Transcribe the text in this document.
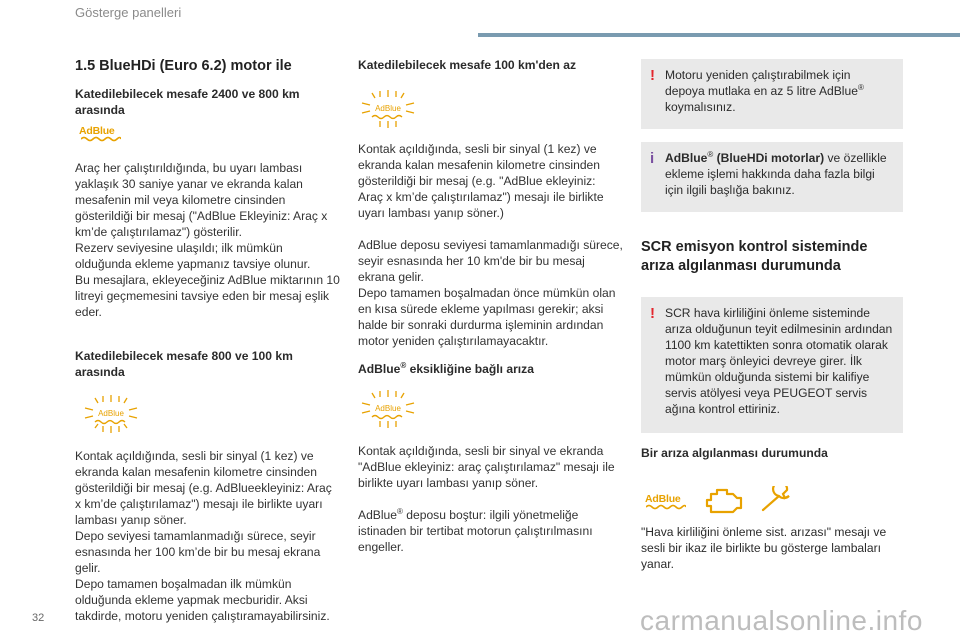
Gösterge panelleri
1.5 BlueHDi (Euro 6.2) motor ile
Katedilebilecek mesafe 2400 ve 800 km arasında
AdBlue

Araç her çalıştırıldığında, bu uyarı lambası yaklaşık 30 saniye yanar ve ekranda kalan mesafenin mil veya kilometre cinsinden gösterildiği bir mesaj ("AdBlue Ekleyiniz: Araç x km’de çalıştırılamaz") gösterilir.

Rezerv seviyesine ulaşıldı; ilk mümkün olduğunda ekleme yapmanız tavsiye olunur.

Bu mesajlara, ekleyeceğiniz AdBlue miktarının 10 litreyi geçmemesini tavsiye eden bir mesaj eşlik eder.

Katedilebilecek mesafe 800 ve 100 km arasında
AdBlue

Kontak açıldığında, sesli bir sinyal (1 kez) ve ekranda kalan mesafenin kilometre cinsinden gösterildiği bir mesaj (e.g. AdBlueekleyiniz: Araç x km’de çalıştırılamaz") mesajı ile birlikte uyarı lambası yanıp söner.

Depo seviyesi tamamlanmadığı sürece, seyir esnasında her 100 km’de bir bu mesaj ekrana gelir.

Depo tamamen boşalmadan ilk mümkün olduğunda ekleme yapmak mecburidir. Aksi takdirde, motoru yeniden çalıştıramayabilirsiniz.

Katedilebilecek mesafe 100 km'den az
AdBlue

Kontak açıldığında, sesli bir sinyal (1 kez) ve ekranda kalan mesafenin kilometre cinsinden gösterildiği bir mesaj (e.g. "AdBlue ekleyiniz: Araç x km’de çalıştırılamaz") mesajı ile birlikte uyarı lambası yanıp söner.)

AdBlue deposu seviyesi tamamlanmadığı sürece, seyir esnasında her 10 km'de bir bu mesaj ekrana gelir.

Depo tamamen boşalmadan önce mümkün olan en kısa sürede ekleme yapılması gerekir; aksi halde bir sonraki durdurma işleminin ardından motor yeniden çalıştırılamayacaktır.

AdBlue® eksikliğine bağlı arıza
AdBlue

Kontak açıldığında, sesli bir sinyal ve ekranda "AdBlue ekleyiniz: araç çalıştırılamaz" mesajı ile birlikte uyarı lambası yanıp söner.

AdBlue® deposu boştur: ilgili yönetmeliğe istinaden bir tertibat motorun çalıştırılmasını engeller.

! Motoru yeniden çalıştırabilmek için depoya mutlaka en az 5 litre AdBlue® koymalısınız.
i AdBlue® (BlueHDi motorlar) ve özellikle ekleme işlemi hakkında daha fazla bilgi için ilgili başlığa bakınız.
SCR emisyon kontrol sisteminde arıza algılanması durumunda
! SCR hava kirliliğini önleme sisteminde arıza olduğunun teyit edilmesinin ardından 1100 km katettikten sonra otomatik olarak motor marş önleyici devreye girer. İlk mümkün olduğunda sistemi bir kalifiye servis atölyesi veya PEUGEOT servis ağına kontrol ettiriniz.
Bir arıza algılanması durumunda
AdBlue

"Hava kirliliğini önleme sist. arızası" mesajı ve sesli bir ikaz ile birlikte bu gösterge lambaları yanar.

32	carmanualsonline.info
